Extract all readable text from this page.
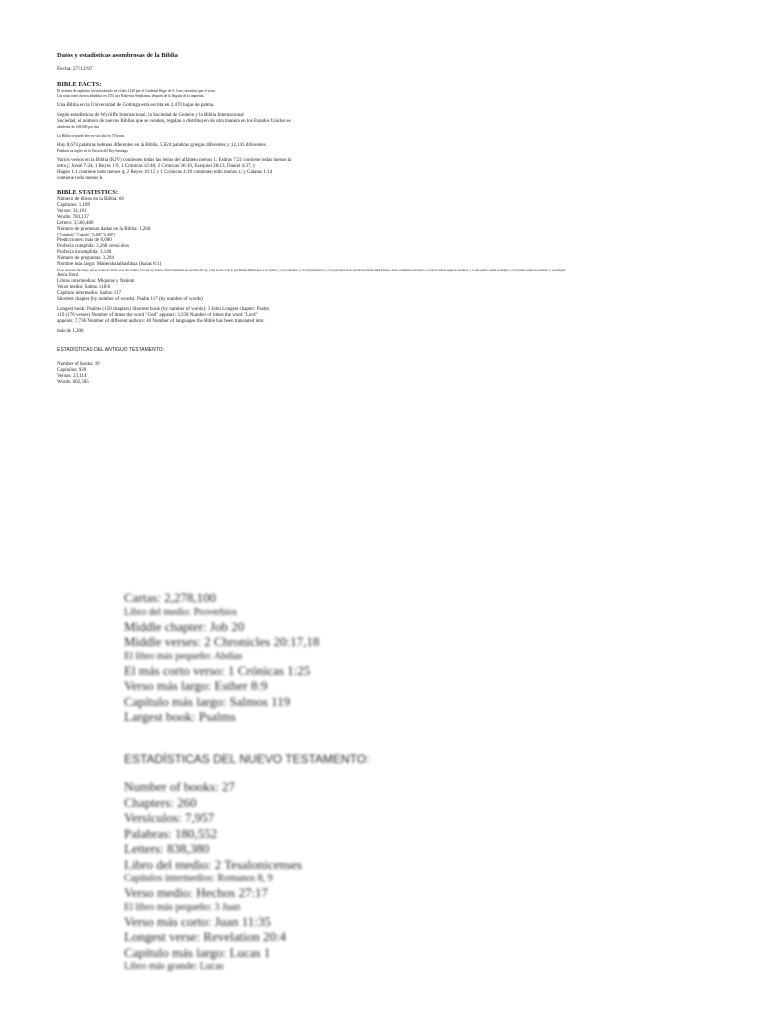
Datos y estadísticas asombrosas de la Biblia

Fecha: 27/12/97

BIBLE FACTS:

El sistema de capítulos fue introducido en el año 1238 por el Cardenal Hugo de S. Caro, mientras que el verso

Las notaciones fueron añadidas en 1551 por Robertus Stephanus, después de la llegada de la imprenta.

Una Biblia en la Universidad de Gottinga está escrita en 2,470 hojas de palma.

Según estadísticas de Wycliffe Internacional, la Sociedad de Gedeón y la Biblia Internacional

Sociedad, el número de nuevas Biblias que se venden, regalan o distribuyen de otra manera en los Estados Unidos es

alrededor de 168,000 por día.

La Biblia se puede leer en voz alta en 70 horas.

Hay 8,674 palabras hebreas diferentes en la Biblia, 5,624 palabras griegas diferentes y 12,143 diferentes.

Palabras en inglés en la Versión del Rey Santiago

Varios versos en la Biblia (KJV) contienen todas las letras del alfabeto menos 1: Esdras 7:21 contiene todas menos la

letra j; Josué 7:24, 1 Reyes 1:9, 1 Crónicas 12:40, 2 Crónicas 36:10, Ezequiel 28:13, Daniel 4:37, y

Hageo 1:1 contiene todo menos q; 2 Reyes 16:15 y 1 Crónicas 4:10 contienen todo menos z; y Gálatas 1:14

contiene todo menos k.

BIBLE STATISTICS:

Número de libros en la Biblia: 66

Capítulos: 1,189

Versos: 31,101

Words: 783,137

Letters: 3,566,480

Número de promesas dadas en la Biblia: 1,260

("Comando","Cuando","6,468","6,468")

Predicciones: más de 8,000

Profecía cumplida: 3,268 versículos

Profecía incumplida: 3,140

Número de preguntas: 3,294

Nombre más largo: Mahershalalhashbaz (Isaías 8:1)

El elo versículo más largo: que es el mes de Sivan, en el año veinte y tres del rey Asuero; fueron llamados los escribas del rey, y fue escrito todo lo que Mandó Mardoqueo a los judíos, y a los principes, y a los gobernadores, y a los principes de las provincias desde India Etiopía, ciento veintisiete provincias, a cada provincia según su escritura, y a cada pueblo según su lengua, y a los judíos según su escritura, y a su lengua.

Jesús lloró

Libros intermedios: Miqueas y Nahum

Verso medio: Salmo 118:8

Capítulo intermedio: Salmo 117

Shortest chapter (by number of words): Psalm 117 (by number of words)

Longest book: Psalms (150 chapters) Shortest book (by number of words): 3 John Longest chapter: Psalm

119 (176 verses) Number of times the word "God" appears: 3,358 Number of times the word "Lord"

appears: 7,736 Number of different authors: 40 Number of languages the Bible has been translated into:

más de 1,200

ESTADÍSTICAS DEL ANTIGUO TESTAMENTO:

Number of books: 39

Capítulos: 929

Versos: 23,114

Words: 602,585

Cartas: 2,278,100

Libro del medio: Proverbios

Middle chapter: Job 20

Middle verses: 2 Chronicles 20:17,18

El libro más pequeño: Abdías

El más corto verso: 1 Crónicas 1:25

Verso más largo: Esther 8:9

Capítulo más largo: Salmos 119

Largest book: Psalms

ESTADÍSTICAS DEL NUEVO TESTAMENTO:

Number of books: 27

Chapters: 260

Versículos: 7,957

Palabras: 180,552

Letters: 838,380

Libro del medio: 2 Tesalonicenses

Capítulos intermedios: Romanos 8, 9

Verso medio: Hechos 27:17

El libro más pequeño: 3 Juan

Verso más corto: Juan 11:35

Longest verse: Revelation 20:4

Capítulo más largo: Lucas 1

Libro más grande: Lucas
